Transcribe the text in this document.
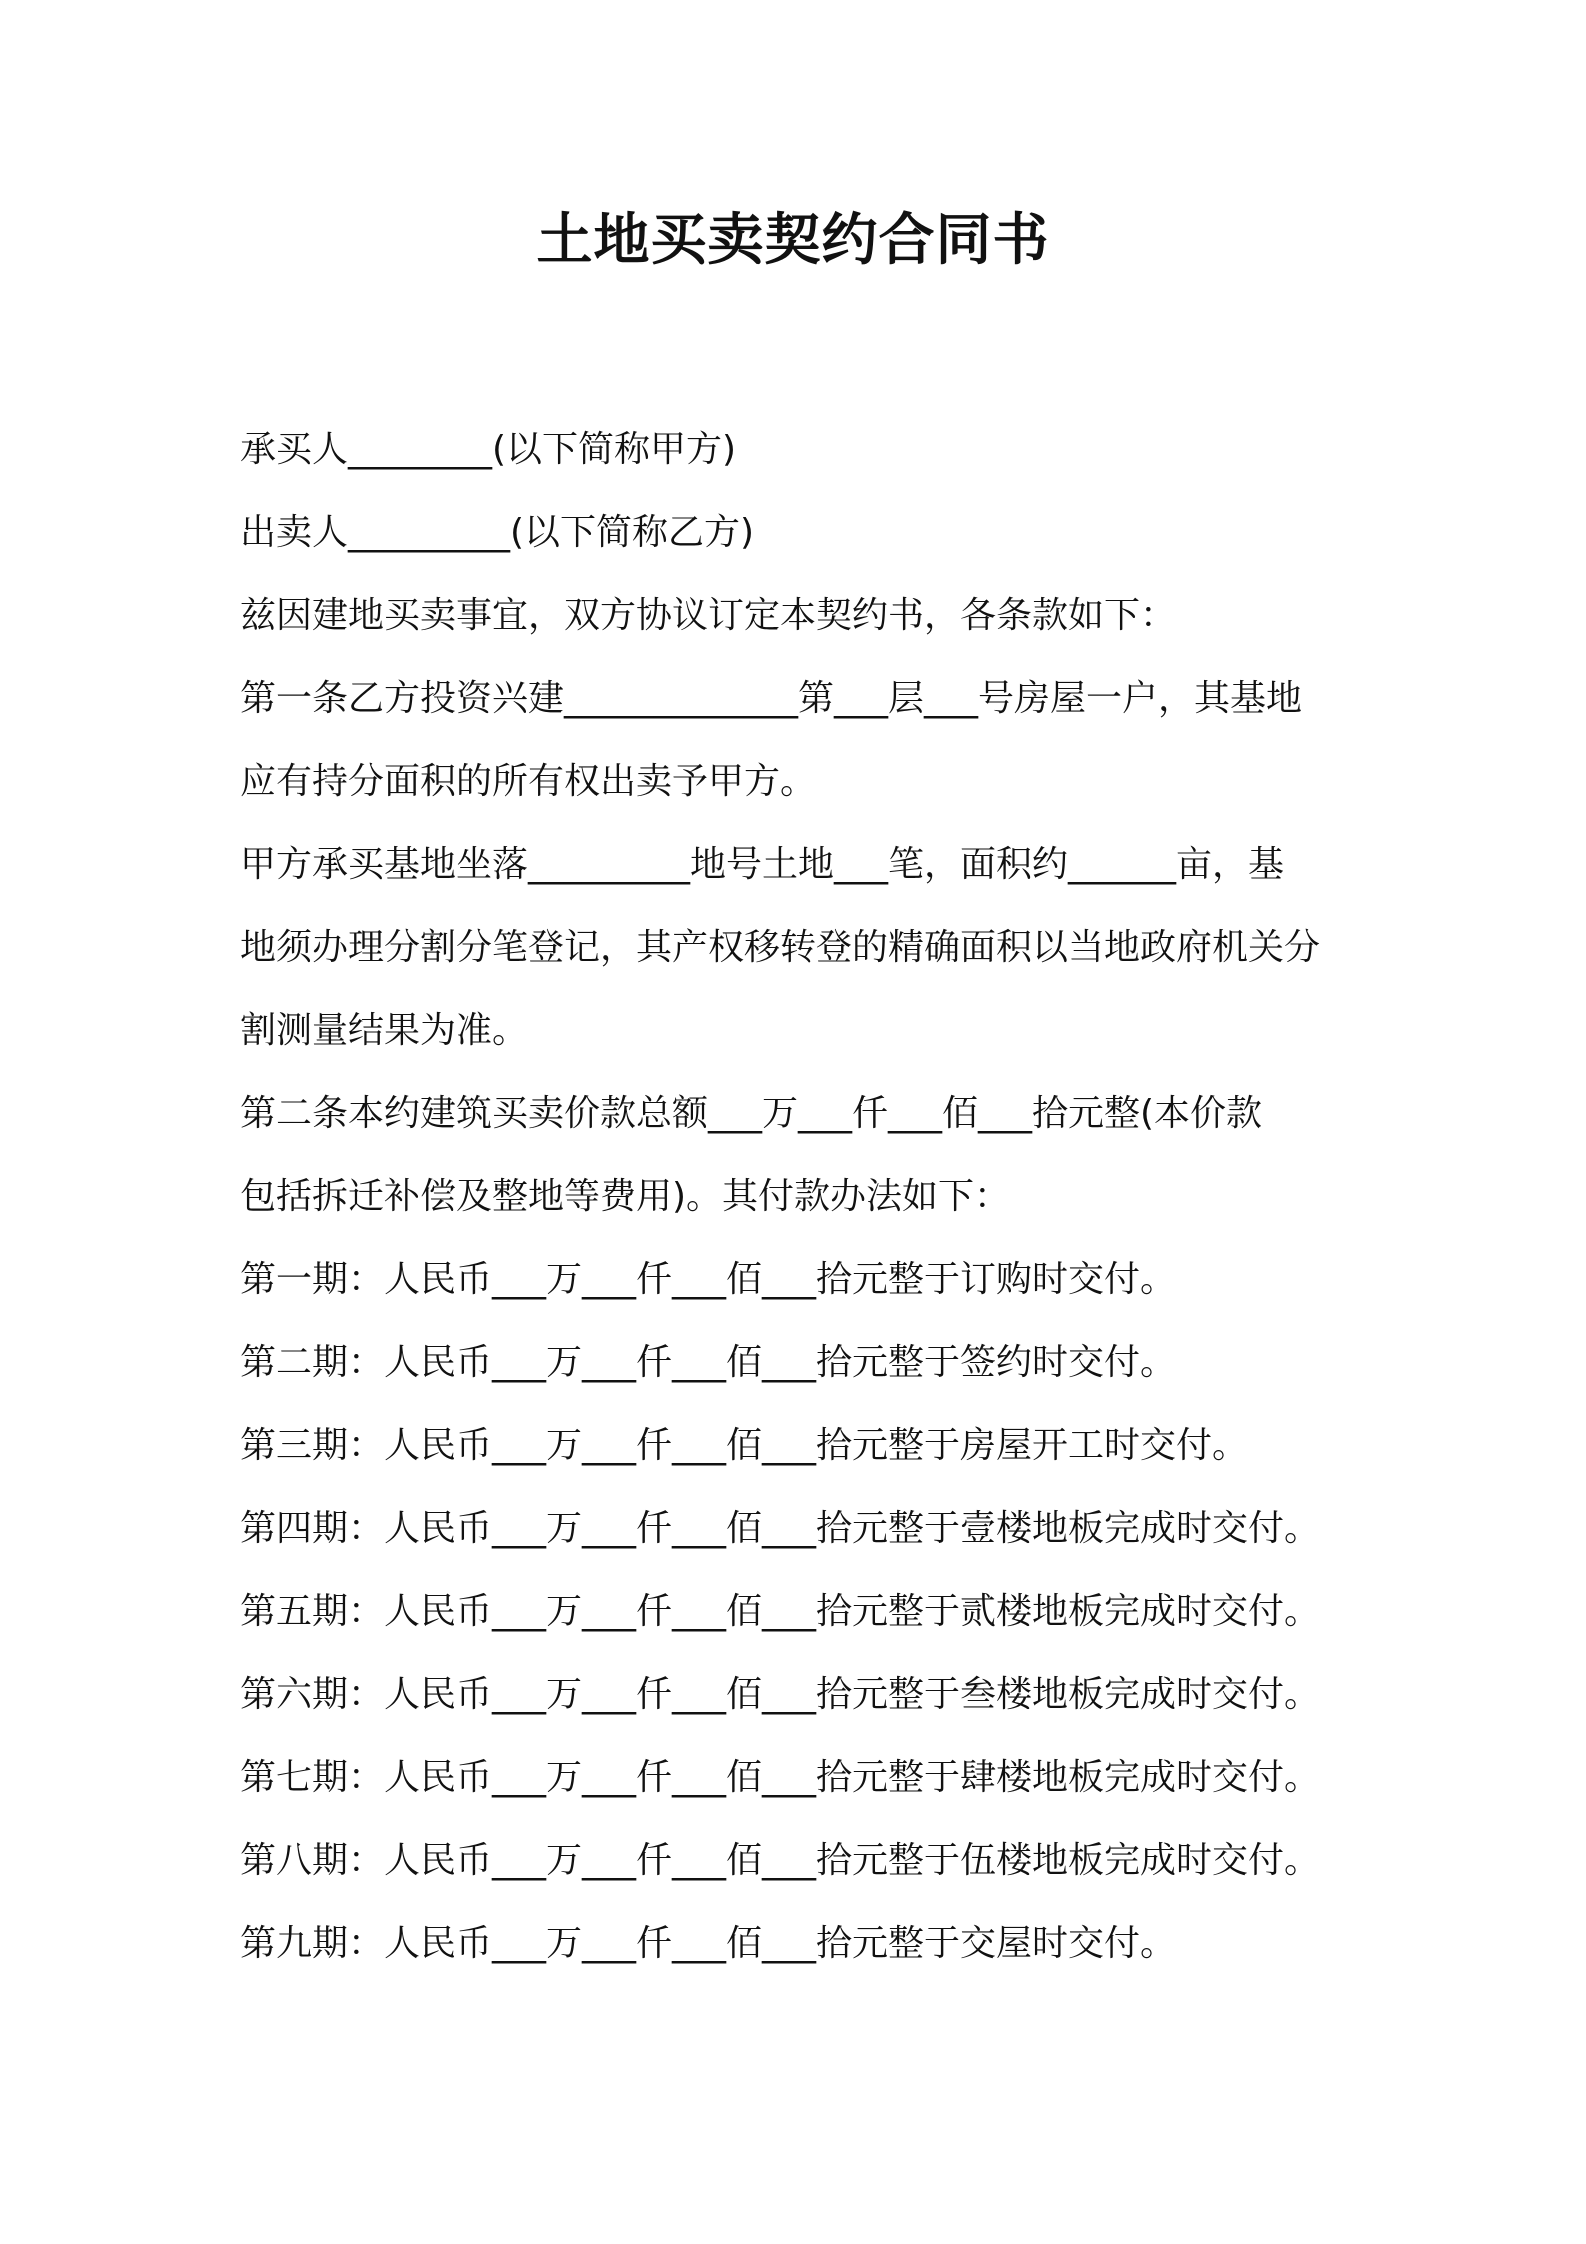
土地买卖契约合同书
承买人________(以下简称甲方)
出卖人_________(以下简称乙方)
兹因建地买卖事宜，双方协议订定本契约书，各条款如下：
第一条乙方投资兴建_____________第___层___号房屋一户，其基地
应有持分面积的所有权出卖予甲方。
甲方承买基地坐落_________地号土地___笔，面积约______亩，基
地须办理分割分笔登记，其产权移转登的精确面积以当地政府机关分
割测量结果为准。
第二条本约建筑买卖价款总额___万___仟___佰___拾元整(本价款
包括拆迁补偿及整地等费用)。其付款办法如下：
第一期：人民币___万___仟___佰___拾元整于订购时交付。
第二期：人民币___万___仟___佰___拾元整于签约时交付。
第三期：人民币___万___仟___佰___拾元整于房屋开工时交付。
第四期：人民币___万___仟___佰___拾元整于壹楼地板完成时交付。
第五期：人民币___万___仟___佰___拾元整于贰楼地板完成时交付。
第六期：人民币___万___仟___佰___拾元整于叁楼地板完成时交付。
第七期：人民币___万___仟___佰___拾元整于肆楼地板完成时交付。
第八期：人民币___万___仟___佰___拾元整于伍楼地板完成时交付。
第九期：人民币___万___仟___佰___拾元整于交屋时交付。
